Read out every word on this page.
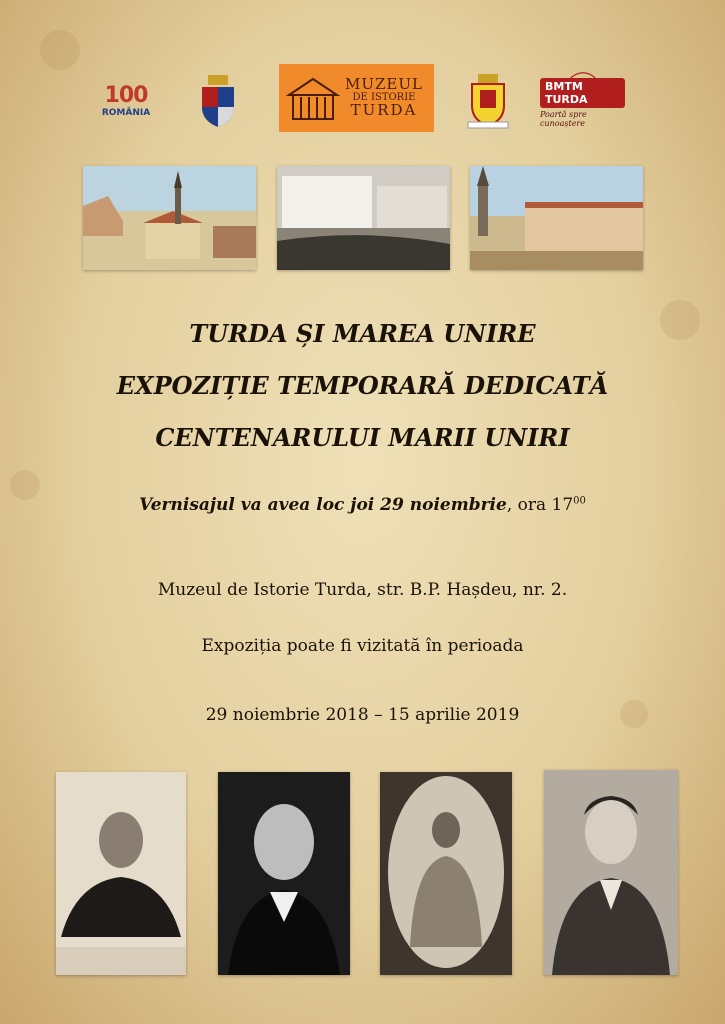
100
ROMÂNIA
MUZEUL
DE ISTORIE
TURDA
BMTM TURDA
Poartă spre cunoaștere
TURDA ȘI MAREA UNIRE
EXPOZIȚIE TEMPORARĂ DEDICATĂ
CENTENARULUI MARII UNIRI
Vernisajul va avea loc joi 29 noiembrie, ora $17^{00}$
Muzeul de Istorie Turda, str. B.P. Hașdeu, nr. 2.
Expoziția poate fi vizitată în perioada
29 noiembrie 2018 – 15 aprilie 2019
